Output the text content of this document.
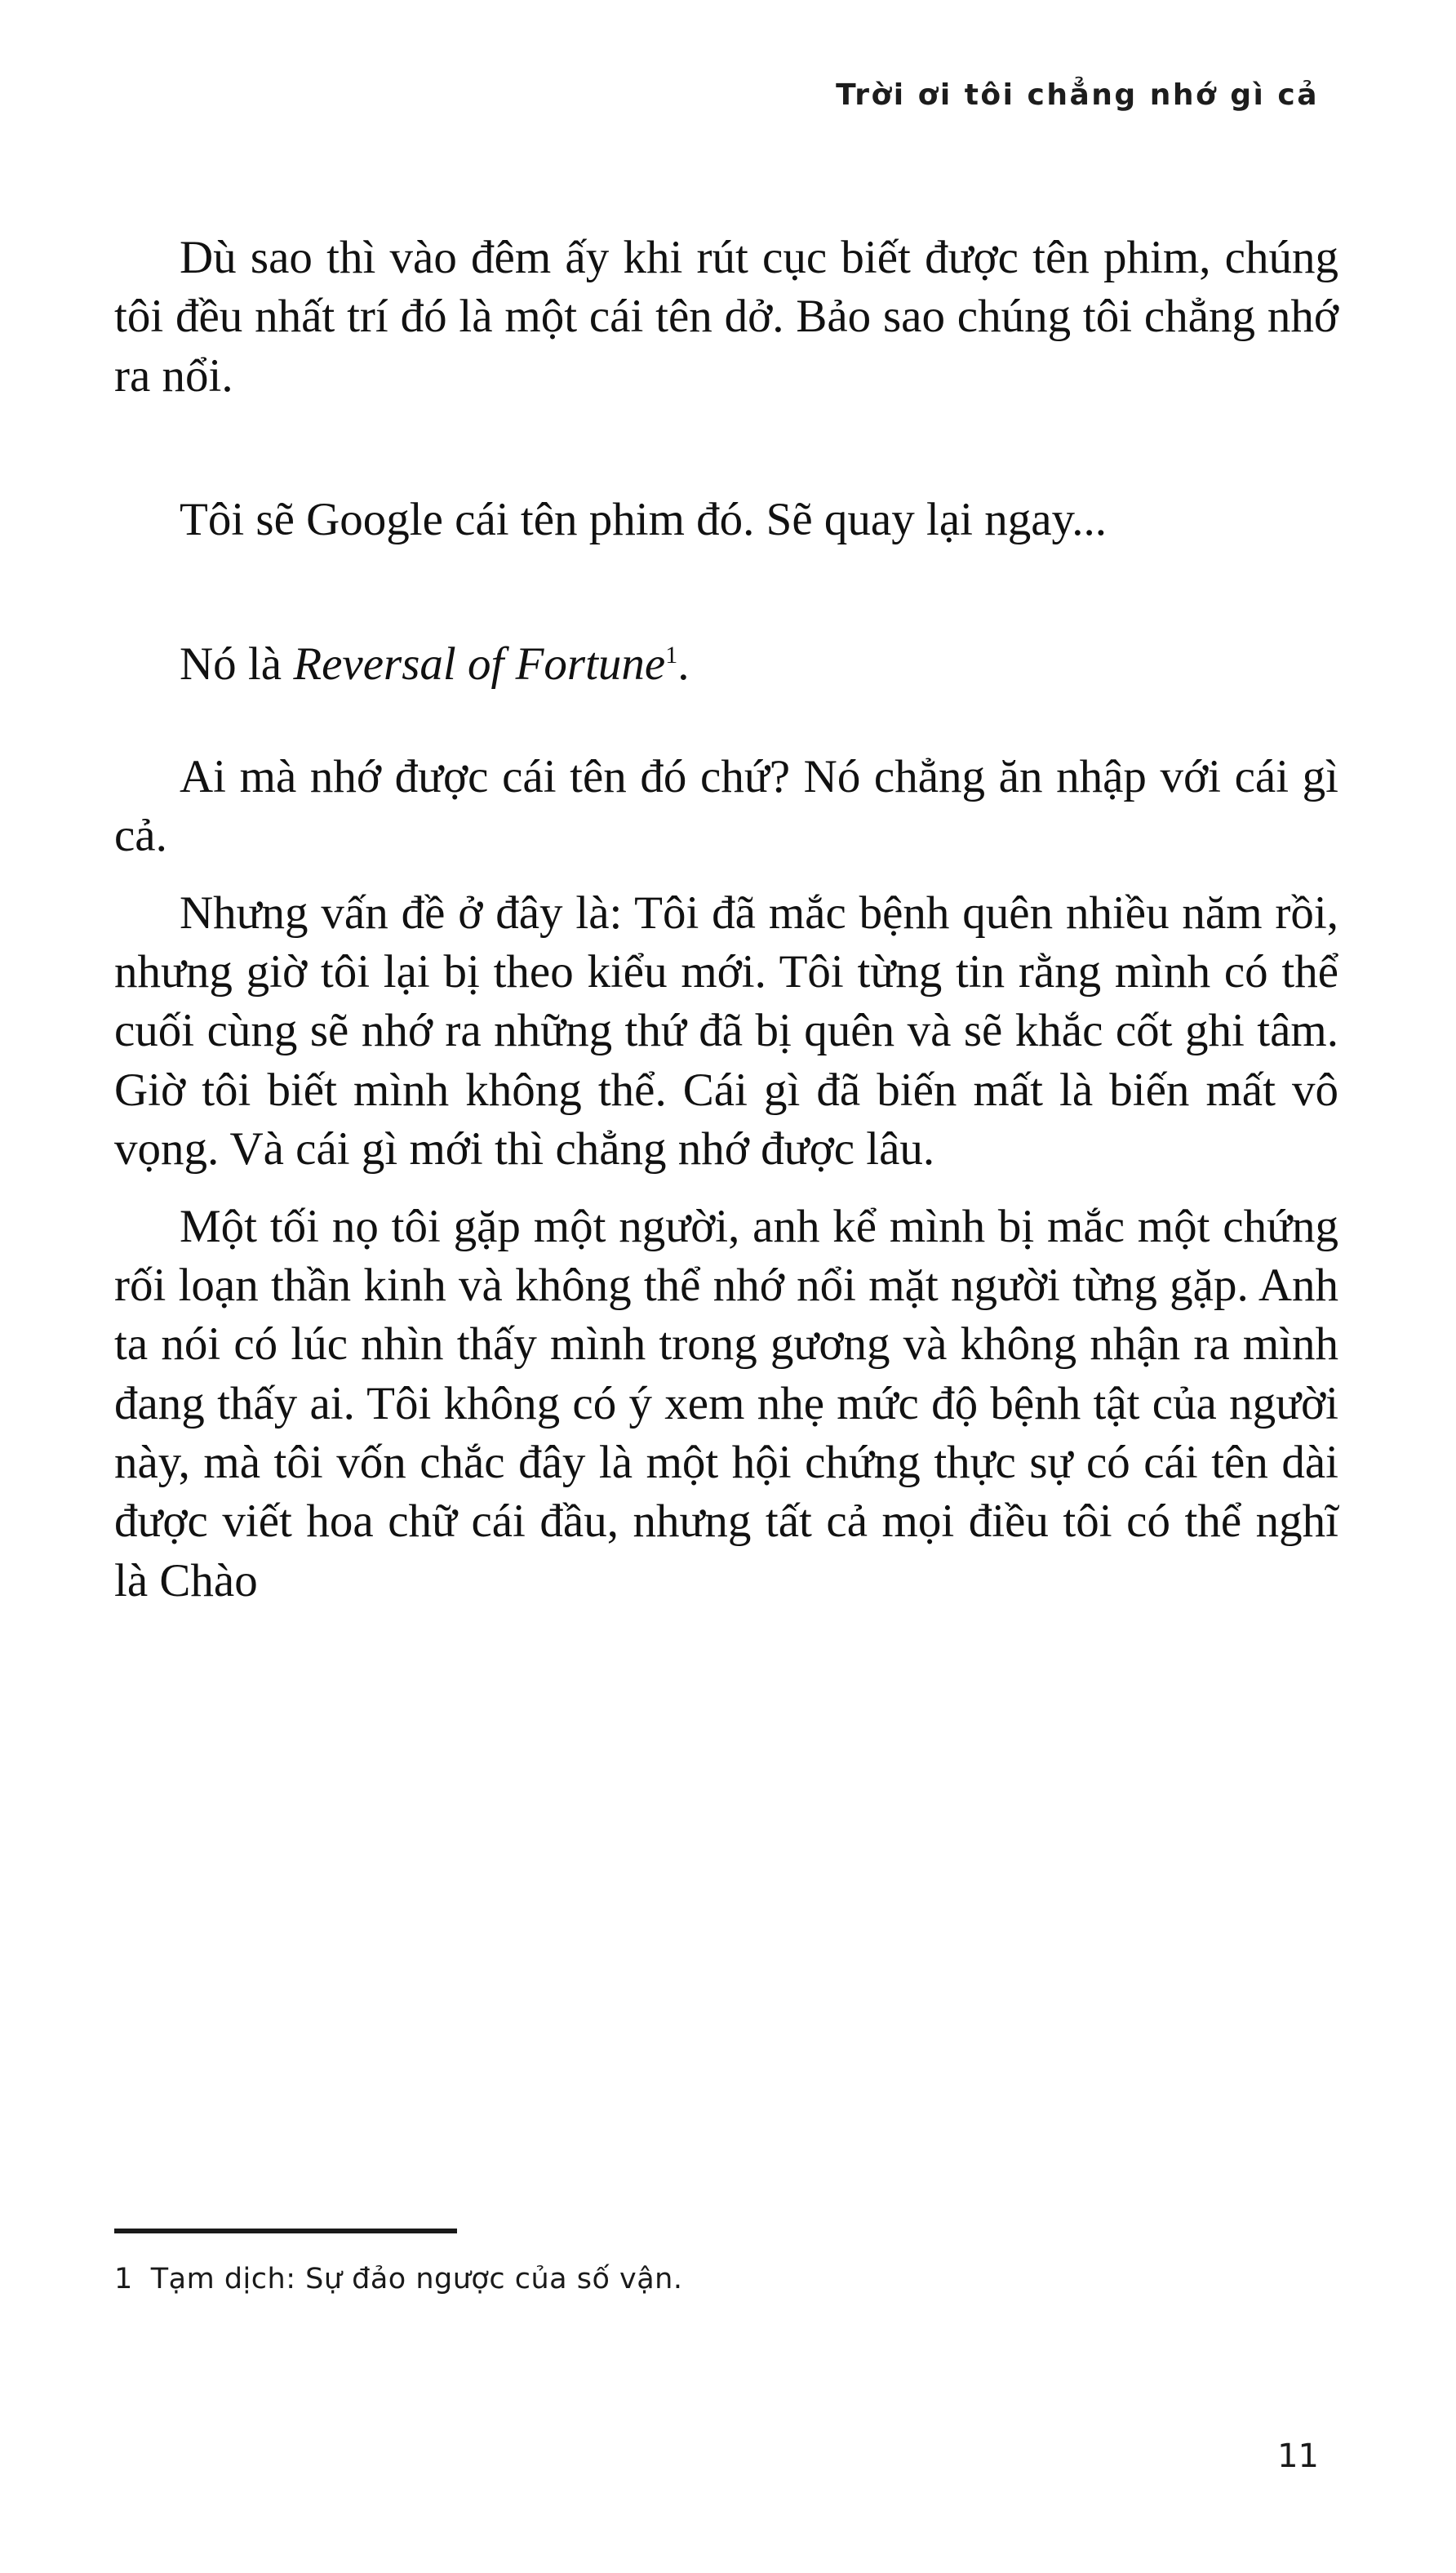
Trời ơi tôi chẳng nhớ gì cả

Dù sao thì vào đêm ấy khi rút cục biết được tên phim, chúng tôi đều nhất trí đó là một cái tên dở. Bảo sao chúng tôi chẳng nhớ ra nổi.

Tôi sẽ Google cái tên phim đó. Sẽ quay lại ngay...

Nó là Reversal of Fortune$^1$.

Ai mà nhớ được cái tên đó chứ? Nó chẳng ăn nhập với cái gì cả.

Nhưng vấn đề ở đây là: Tôi đã mắc bệnh quên nhiều năm rồi, nhưng giờ tôi lại bị theo kiểu mới. Tôi từng tin rằng mình có thể cuối cùng sẽ nhớ ra những thứ đã bị quên và sẽ khắc cốt ghi tâm. Giờ tôi biết mình không thể. Cái gì đã biến mất là biến mất vô vọng. Và cái gì mới thì chẳng nhớ được lâu.

Một tối nọ tôi gặp một người, anh kể mình bị mắc một chứng rối loạn thần kinh và không thể nhớ nổi mặt người từng gặp. Anh ta nói có lúc nhìn thấy mình trong gương và không nhận ra mình đang thấy ai. Tôi không có ý xem nhẹ mức độ bệnh tật của người này, mà tôi vốn chắc đây là một hội chứng thực sự có cái tên dài được viết hoa chữ cái đầu, nhưng tất cả mọi điều tôi có thể nghĩ là Chào

1 Tạm dịch: Sự đảo ngược của số vận.
11
